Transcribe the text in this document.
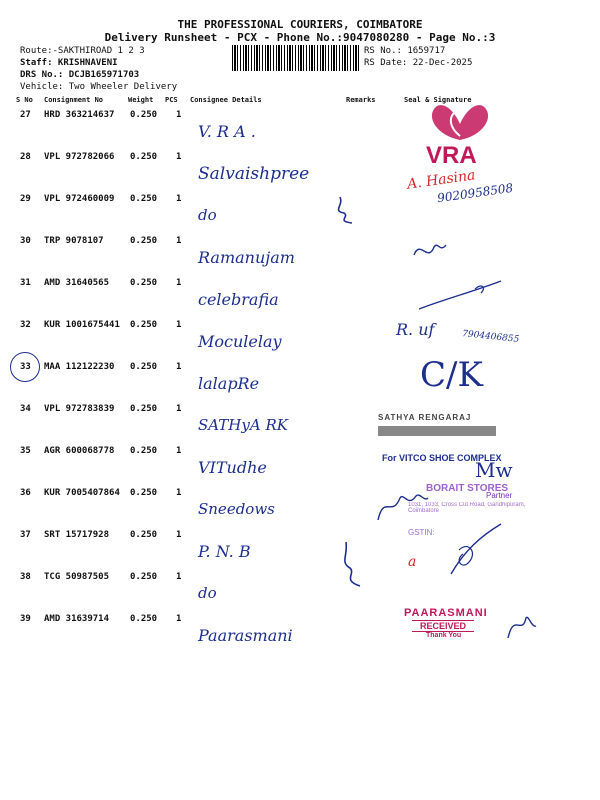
THE PROFESSIONAL COURIERS, COIMBATORE
Delivery Runsheet - PCX - Phone No.:9047080280 - Page No.:3
Route:-SAKTHIROAD 1 2 3
Staff: KRISHNAVENI
DRS No.: DCJB165971703
Vehicle: Two Wheeler Delivery
RS No.: 1659717
RS Date: 22-Dec-2025
S No Consignment No	Weight PCS Consignee Details	Remarks	Seal & Signature
27 HRD 363214637 0.250 1
V. R A .
28 VPL 972782066 0.250 1
Salvaishpree
29 VPL 972460009 0.250 1
do
30 TRP 9078107	0.250 1
Ramanujam
31 AMD 31640565 0.250 1
celebrafia
32 KUR 1001675441 0.250 1
Moculelay
33 MAA 112122230 0.250 1
lalapRe
34 VPL 972783839 0.250 1
SATHyA RK
35 AGR 600068778 0.250 1
VITudhe
36 KUR 7005407864 0.250 1
Sneedows
37 SRT 15717928 0.250 1
P. N. B
38 TCG 50987505 0.250 1
do
39 AMD 31639714 0.250 1
Paarasmani
VRA
A. Hasina
9020958508
R. uf	7904406855
C/K
SATHYA RENGARAJ
For VITCO SHOE COMPLEX
Mw
BORAIT STORES
Partner
1031, 1033, Cross Cut Road, Gandhipuram, Coimbatore
GSTIN:
a
PAARASMANI
RECEIVED
Thank You
